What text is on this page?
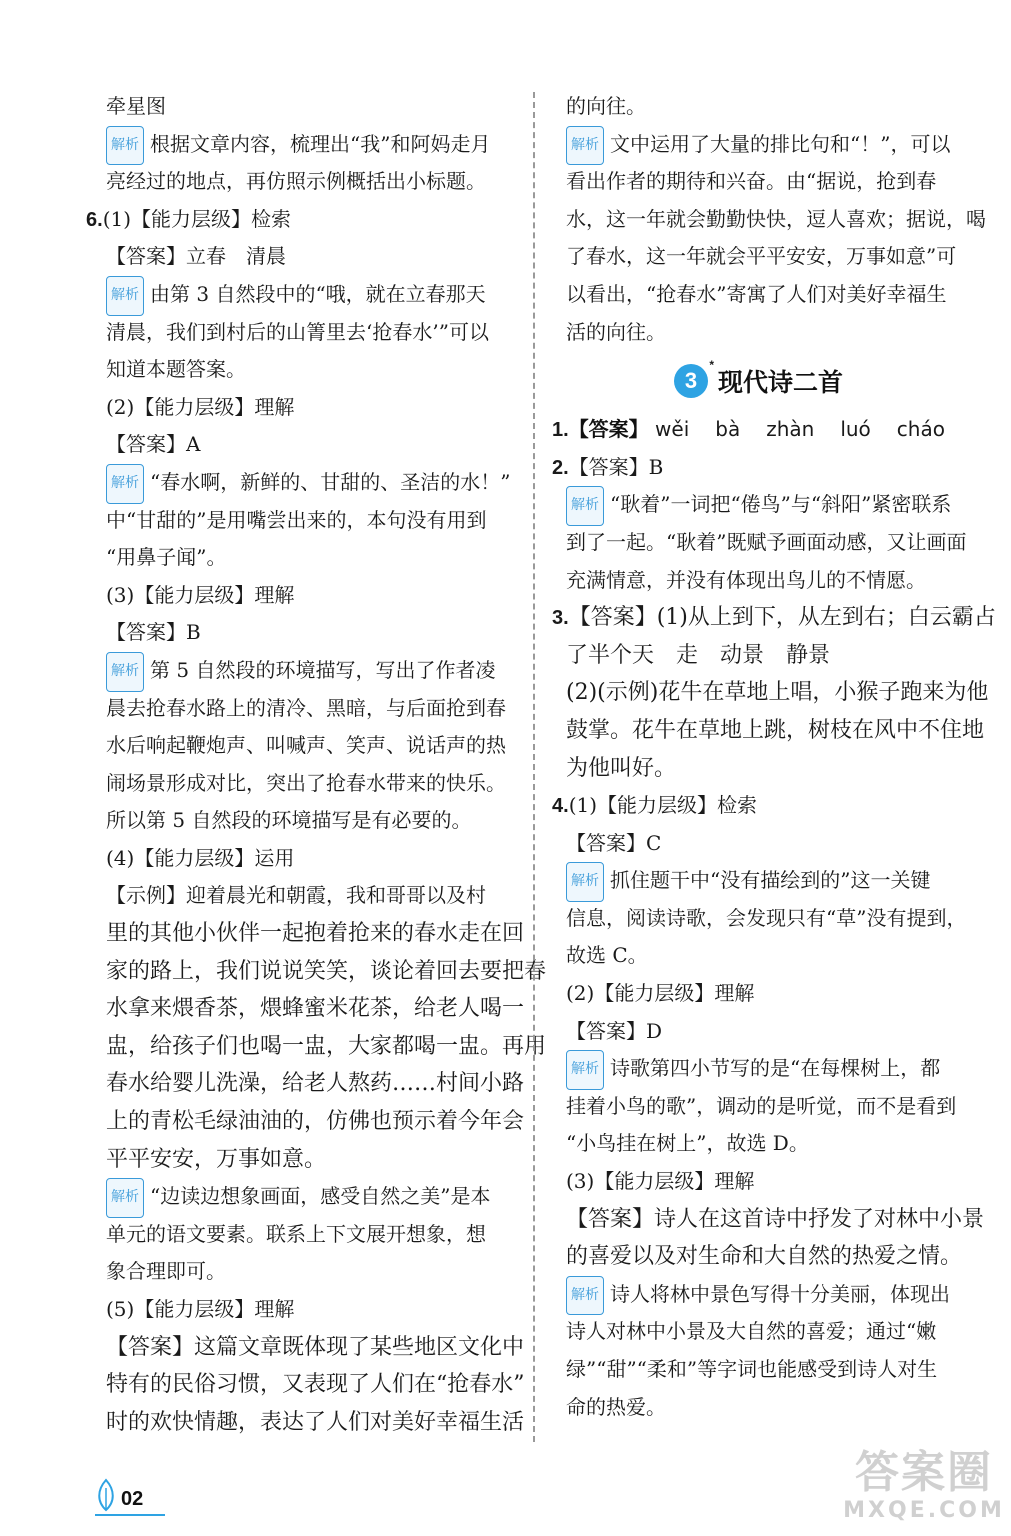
牵星图
解析 根据文章内容，梳理出“我”和阿妈走月
亮经过的地点，再仿照示例概括出小标题。
6.(1)【能力层级】检索
【答案】立春　清晨
解析 由第 3 自然段中的“哦，就在立春那天
清晨，我们到村后的山箐里去‘抢春水’”可以
知道本题答案。
(2)【能力层级】理解
【答案】A
解析 “春水啊，新鲜的、甘甜的、圣洁的水！”
中“甘甜的”是用嘴尝出来的，本句没有用到
“用鼻子闻”。
(3)【能力层级】理解
【答案】B
解析 第 5 自然段的环境描写，写出了作者凌
晨去抢春水路上的清冷、黑暗，与后面抢到春
水后响起鞭炮声、叫喊声、笑声、说话声的热
闹场景形成对比，突出了抢春水带来的快乐。
所以第 5 自然段的环境描写是有必要的。
(4)【能力层级】运用
【示例】迎着晨光和朝霞，我和哥哥以及村
里的其他小伙伴一起抱着抢来的春水走在回
家的路上，我们说说笑笑，谈论着回去要把春
水拿来煨香茶，煨蜂蜜米花茶，给老人喝一
盅，给孩子们也喝一盅，大家都喝一盅。再用
春水给婴儿洗澡，给老人熬药……村间小路
上的青松毛绿油油的，仿佛也预示着今年会
平平安安，万事如意。
解析 “边读边想象画面，感受自然之美”是本
单元的语文要素。联系上下文展开想象，想
象合理即可。
(5)【能力层级】理解
【答案】这篇文章既体现了某些地区文化中
特有的民俗习惯，又表现了人们在“抢春水”
时的欢快情趣，表达了人们对美好幸福生活
的向往。
解析 文中运用了大量的排比句和“！”，可以
看出作者的期待和兴奋。由“据说，抢到春
水，这一年就会勤勤快快，逗人喜欢；据说，喝
了春水，这一年就会平平安安，万事如意”可
以看出，“抢春水”寄寓了人们对美好幸福生
活的向往。
3
*
现代诗二首
1.【答案】 wěi bà zhàn luó cháo
2.【答案】B
解析 “耿着”一词把“倦鸟”与“斜阳”紧密联系
到了一起。“耿着”既赋予画面动感，又让画面
充满情意，并没有体现出鸟儿的不情愿。
3.【答案】(1)从上到下，从左到右；白云霸占
了半个天　走　动景　静景
(2)(示例)花牛在草地上唱，小猴子跑来为他
鼓掌。花牛在草地上跳，树枝在风中不住地
为他叫好。
4.(1)【能力层级】检索
【答案】C
解析 抓住题干中“没有描绘到的”这一关键
信息，阅读诗歌，会发现只有“草”没有提到，
故选 C。
(2)【能力层级】理解
【答案】D
解析 诗歌第四小节写的是“在每棵树上，都
挂着小鸟的歌”，调动的是听觉，而不是看到
“小鸟挂在树上”，故选 D。
(3)【能力层级】理解
【答案】诗人在这首诗中抒发了对林中小景
的喜爱以及对生命和大自然的热爱之情。
解析 诗人将林中景色写得十分美丽，体现出
诗人对林中小景及大自然的喜爱；通过“嫩
绿”“甜”“柔和”等字词也能感受到诗人对生
命的热爱。
02
答案圈
MXQE.COM
